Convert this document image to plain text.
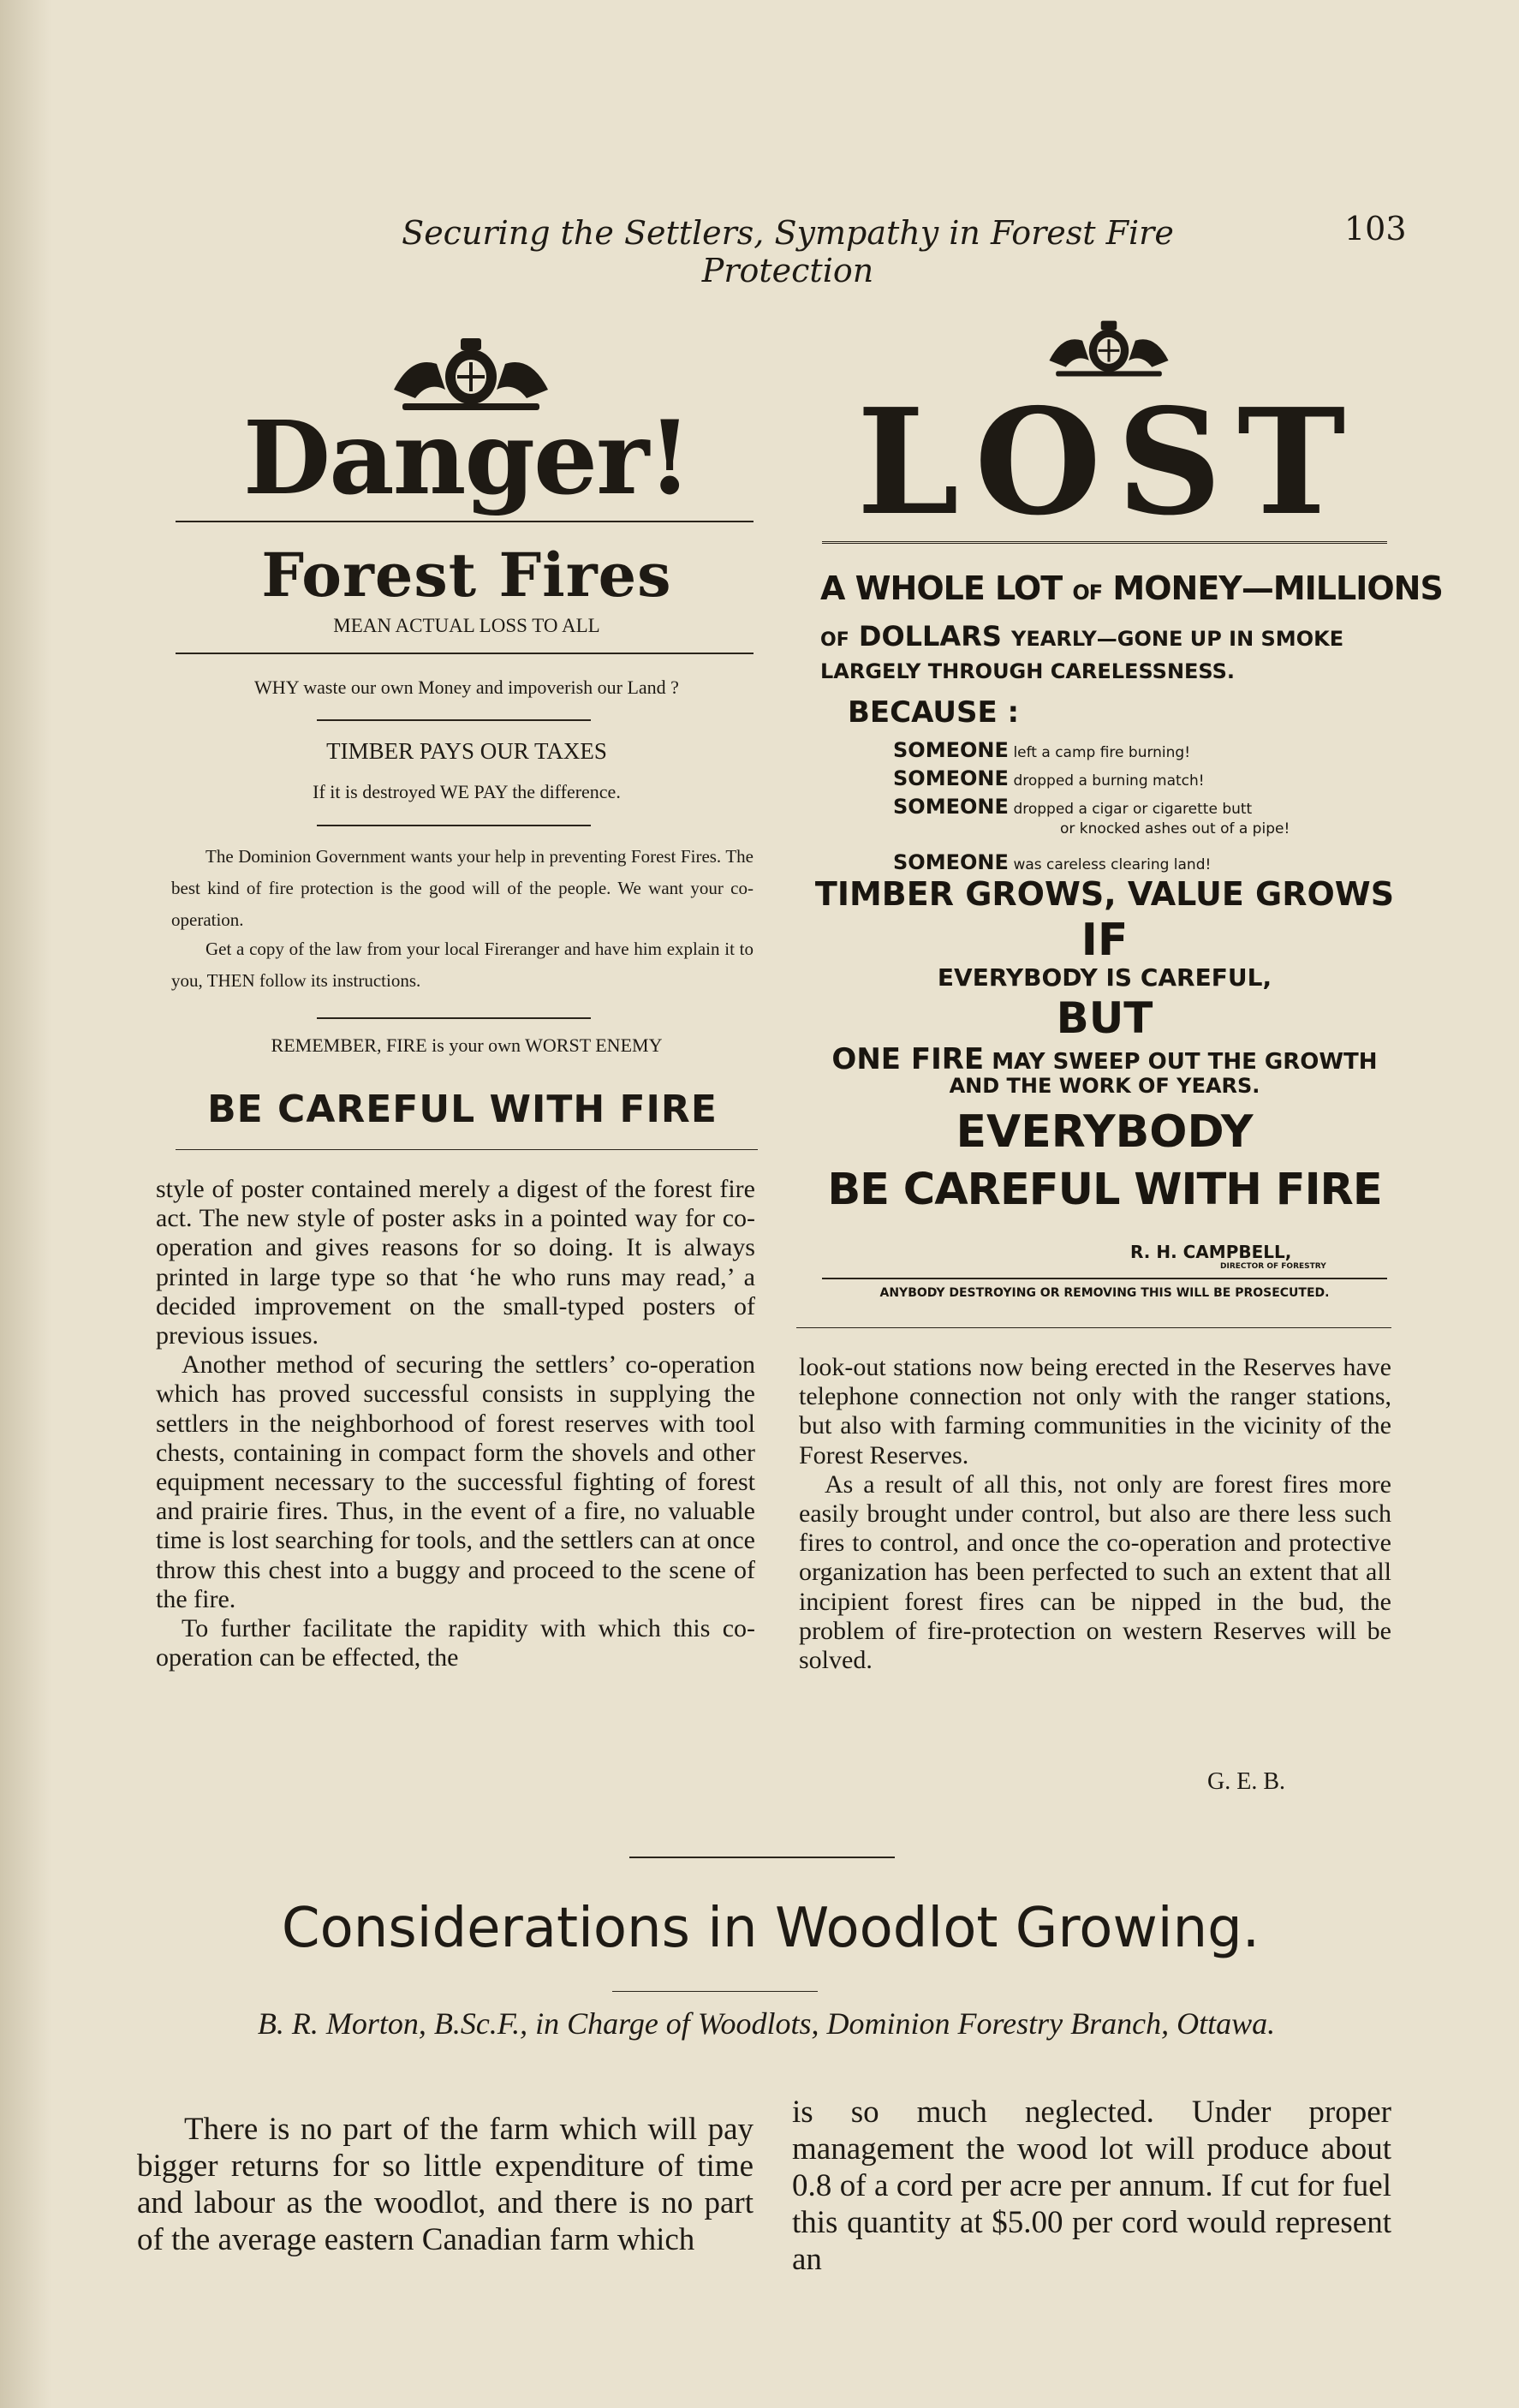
Securing the Settlers, Sympathy in Forest Fire Protection
103
Danger!
Forest Fires
MEAN ACTUAL LOSS TO ALL
WHY waste our own Money and impoverish our Land ?
TIMBER PAYS OUR TAXES
If it is destroyed WE PAY the difference.
The Dominion Government wants your help in preventing Forest Fires. The best kind of fire protection is the good will of the people. We want your co-operation.
Get a copy of the law from your local Fireranger and have him explain it to you, THEN follow its instructions.
REMEMBER, FIRE is your own WORST ENEMY
BE CAREFUL WITH FIRE
LOST
A WHOLE LOT OF MONEY—MILLIONS
OF DOLLARS YEARLY—GONE UP IN SMOKE
LARGELY THROUGH CARELESSNESS.
BECAUSE :
SOMEONE left a camp fire burning!
SOMEONE dropped a burning match!
SOMEONE dropped a cigar or cigarette butt
or knocked ashes out of a pipe!
SOMEONE was careless clearing land!
TIMBER GROWS, VALUE GROWS
IF
EVERYBODY IS CAREFUL,
BUT
ONE FIRE MAY SWEEP OUT THE GROWTH
AND THE WORK OF YEARS.
EVERYBODY
BE CAREFUL WITH FIRE
R. H. CAMPBELL,
DIRECTOR OF FORESTRY
ANYBODY DESTROYING OR REMOVING THIS WILL BE PROSECUTED.

style of poster contained merely a digest of the forest fire act. The new style of poster asks in a pointed way for co-operation and gives reasons for so doing. It is always printed in large type so that ‘he who runs may read,’ a decided improvement on the small-typed posters of previous issues.

Another method of securing the settlers’ co-operation which has proved successful consists in supplying the settlers in the neighborhood of forest reserves with tool chests, containing in compact form the shovels and other equipment necessary to the successful fighting of forest and prairie fires. Thus, in the event of a fire, no valuable time is lost searching for tools, and the settlers can at once throw this chest into a buggy and proceed to the scene of the fire.

To further facilitate the rapidity with which this co-operation can be effected, the

look-out stations now being erected in the Reserves have telephone connection not only with the ranger stations, but also with farming communities in the vicinity of the Forest Reserves.

As a result of all this, not only are forest fires more easily brought under control, but also are there less such fires to control, and once the co-operation and protective organization has been perfected to such an extent that all incipient forest fires can be nipped in the bud, the problem of fire-protection on western Reserves will be solved.

G. E. B.
Considerations in Woodlot Growing.
B. R. Morton, B.Sc.F., in Charge of Woodlots, Dominion Forestry Branch, Ottawa.

There is no part of the farm which will pay bigger returns for so little expenditure of time and labour as the woodlot, and there is no part of the average eastern Canadian farm which

is so much neglected. Under proper management the wood lot will produce about 0.8 of a cord per acre per annum. If cut for fuel this quantity at $5.00 per cord would represent an
